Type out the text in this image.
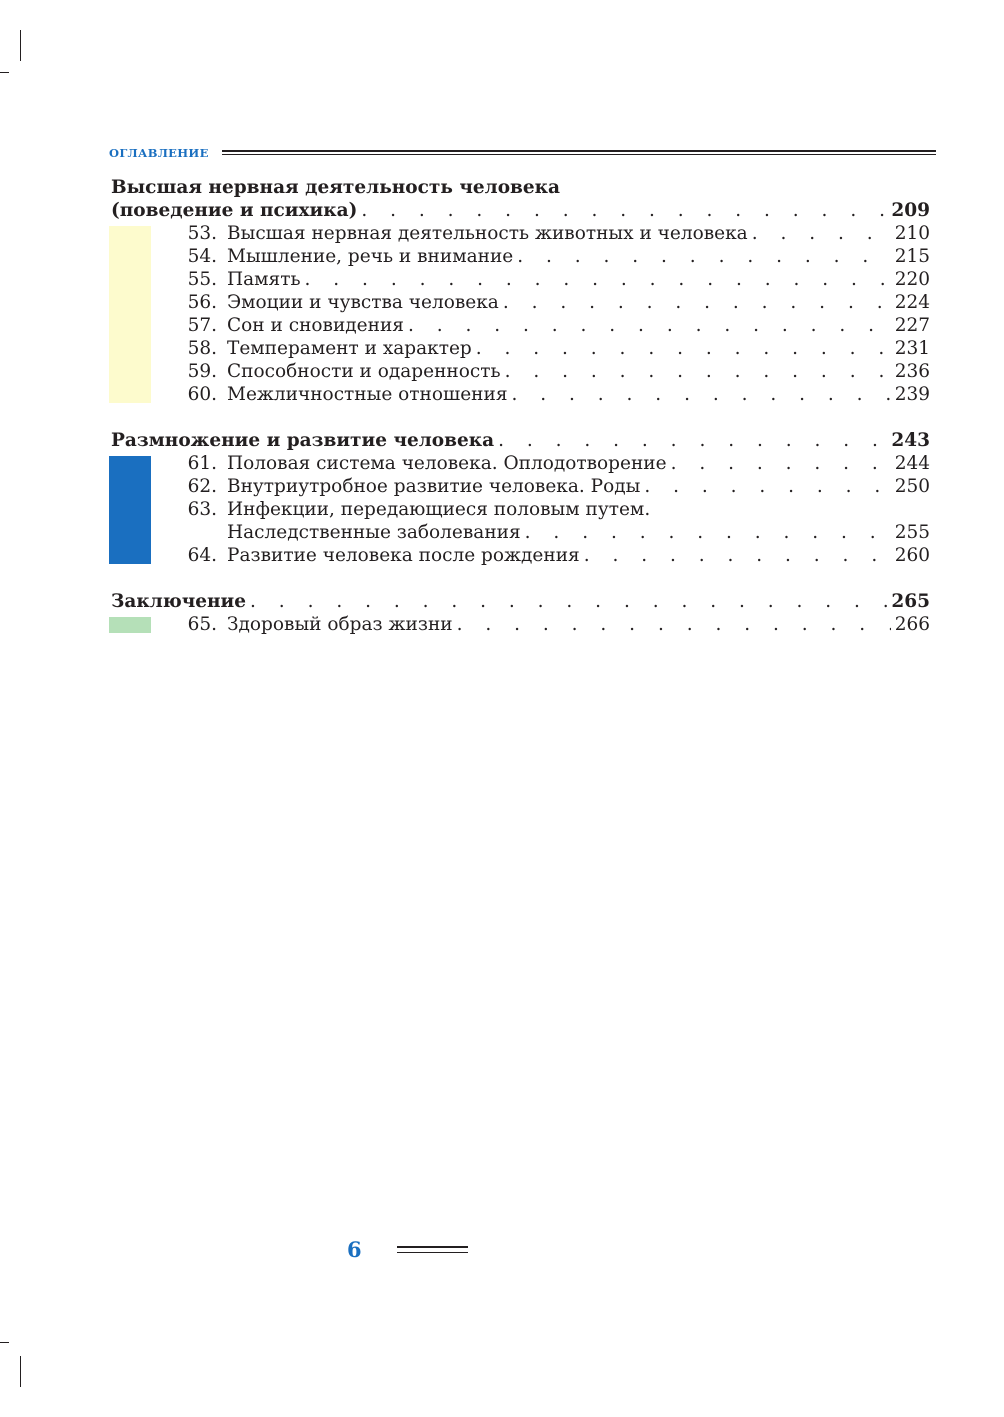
ОГЛАВЛЕНИЕ
Высшая нервная деятельность человека
(поведение и психика) . . .	209
53. Высшая нервная деятельность животных и человека . . .	210
54. Мышление, речь и внимание . . .	215
55. Память . . .	220
56. Эмоции и чувства человека . . .	224
57. Сон и сновидения . . .	227
58. Темперамент и характер . . .	231
59. Способности и одаренность . . .	236
60. Межличностные отношения . . .	239
Размножение и развитие человека . . .	243
61. Половая система человека. Оплодотворение . . .	244
62. Внутриутробное развитие человека. Роды . . .	250
63. Инфекции, передающиеся половым путем.
Наследственные заболевания . . .	255
64. Развитие человека после рождения . . .	260
Заключение . . .	265
65. Здоровый образ жизни . . .	266
6
